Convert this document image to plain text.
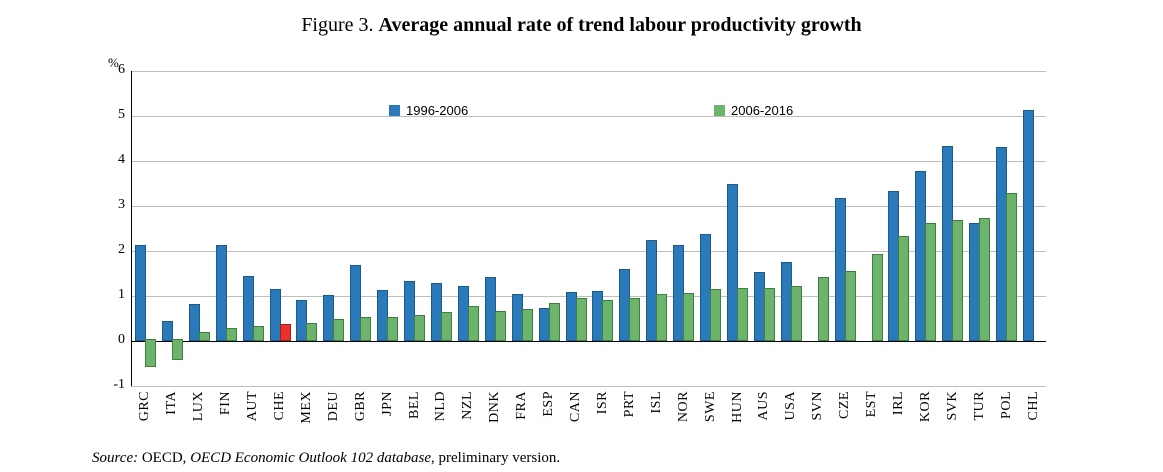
Figure 3. Average annual rate of trend labour productivity growth
%
-1
0
1
2
3
4
5
6
GRC ITA LUX FIN AUT CHE MEX DEU GBR JPN BEL NLD NZL DNK FRA ESP CAN ISR PRT ISL NOR SWE HUN AUS USA SVN CZE EST IRL KOR SVK TUR POL CHL
1996-2006	2006-2016
Source: OECD, OECD Economic Outlook 102 database, preliminary version.
